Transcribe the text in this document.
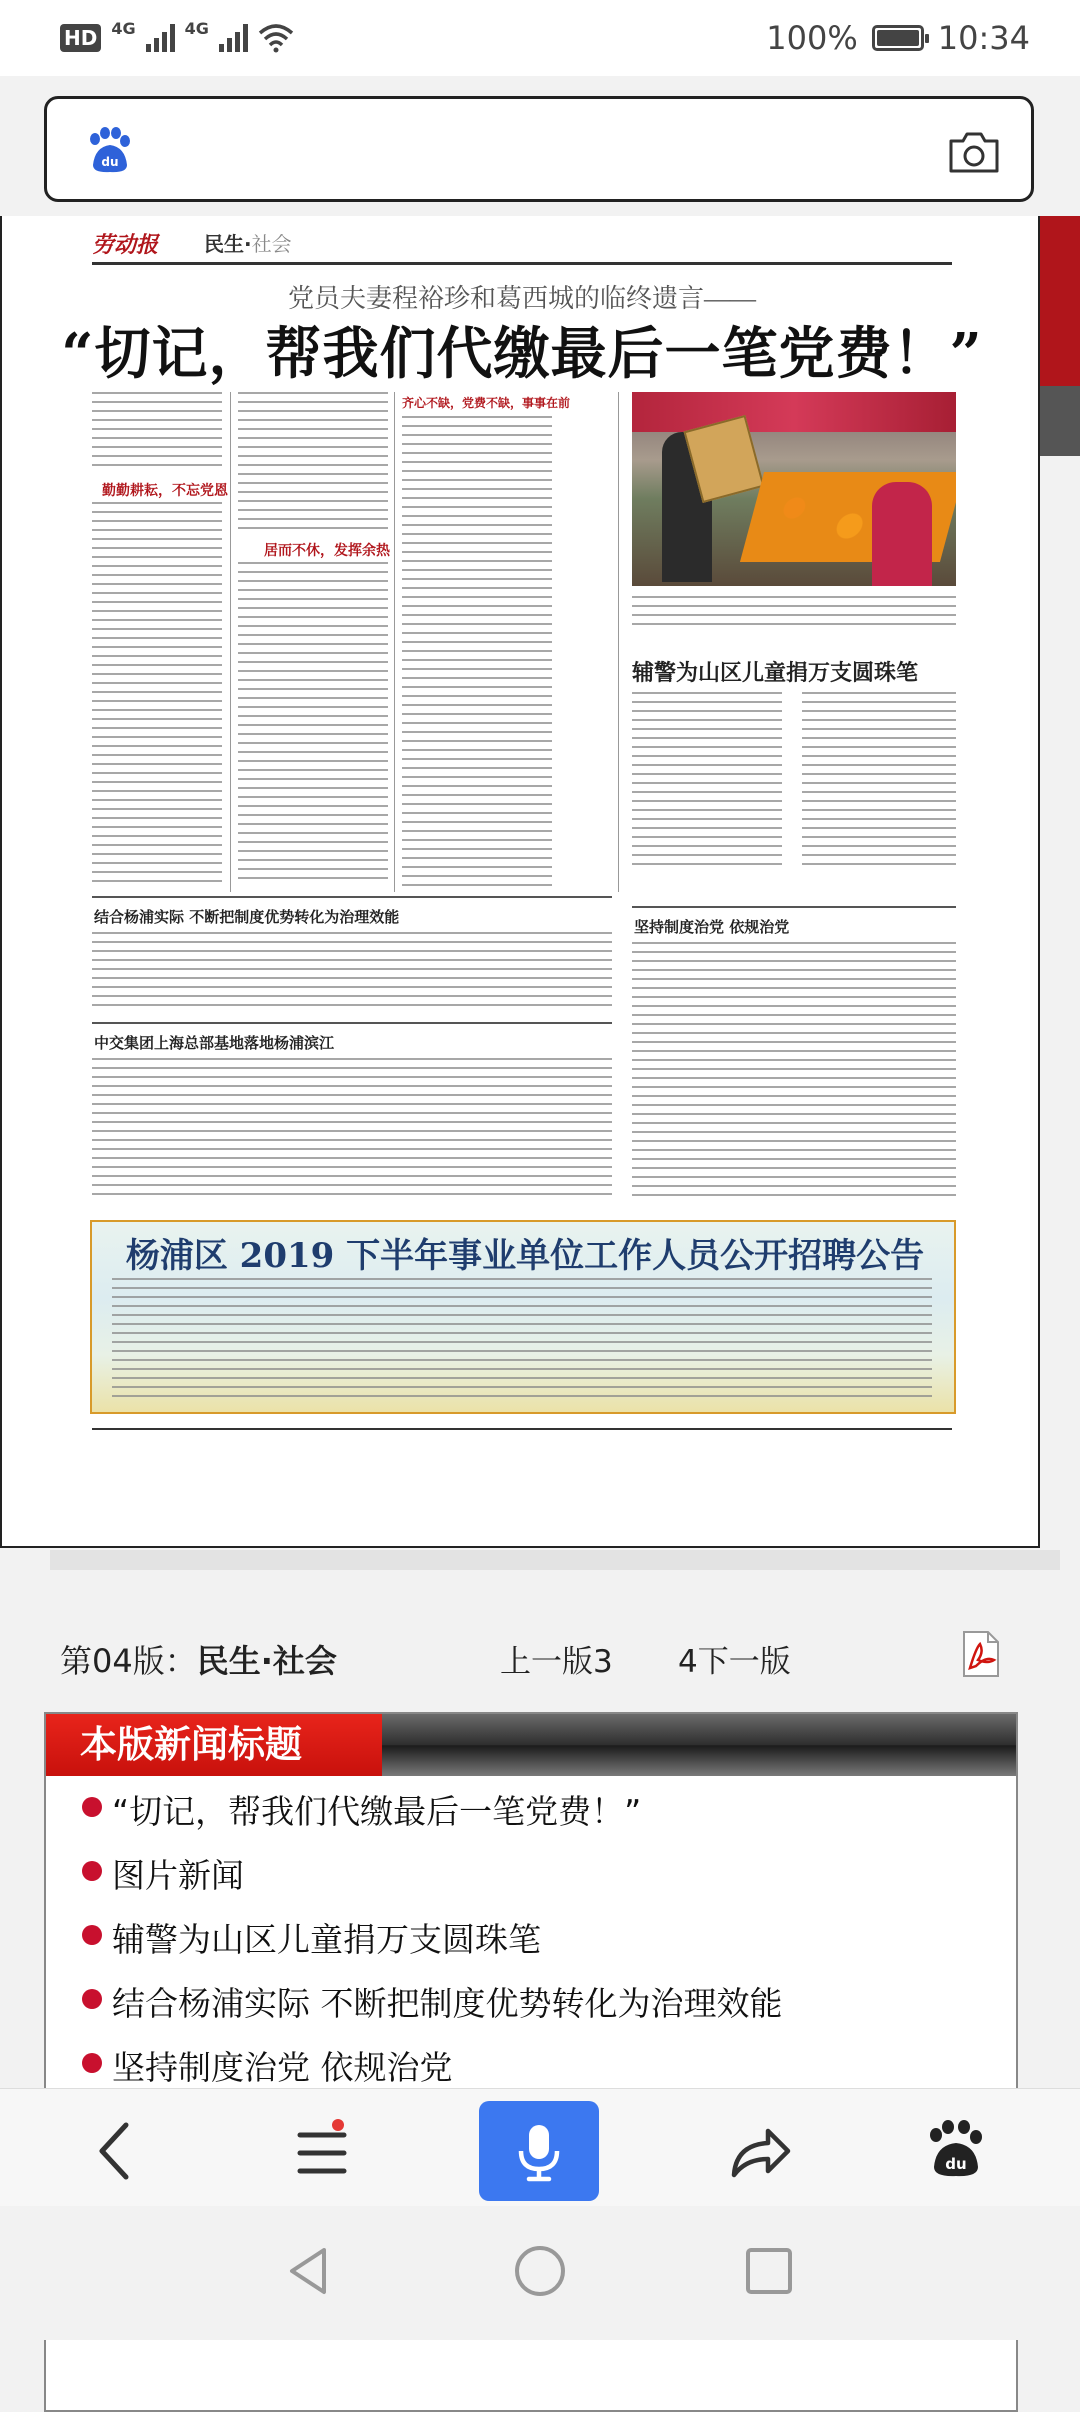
HD 4G	4G	100%	10:34
du
劳动报 民生·社会
党员夫妻程裕珍和葛西城的临终遗言——
“切记，帮我们代缴最后一笔党费！”
勤勤耕耘，不忘党恩
居而不休，发挥余热
齐心不缺，党费不缺，事事在前
辅警为山区儿童捐万支圆珠笔
结合杨浦实际 不断把制度优势转化为治理效能
中交集团上海总部基地落地杨浦滨江
坚持制度治党 依规治党
杨浦区 2019 下半年事业单位工作人员公开招聘公告
第04版：民生·社会	上一版3 4下一版
本版新闻标题
“切记，帮我们代缴最后一笔党费！”
图片新闻
辅警为山区儿童捐万支圆珠笔
结合杨浦实际 不断把制度优势转化为治理效能
坚持制度治党 依规治党
du
